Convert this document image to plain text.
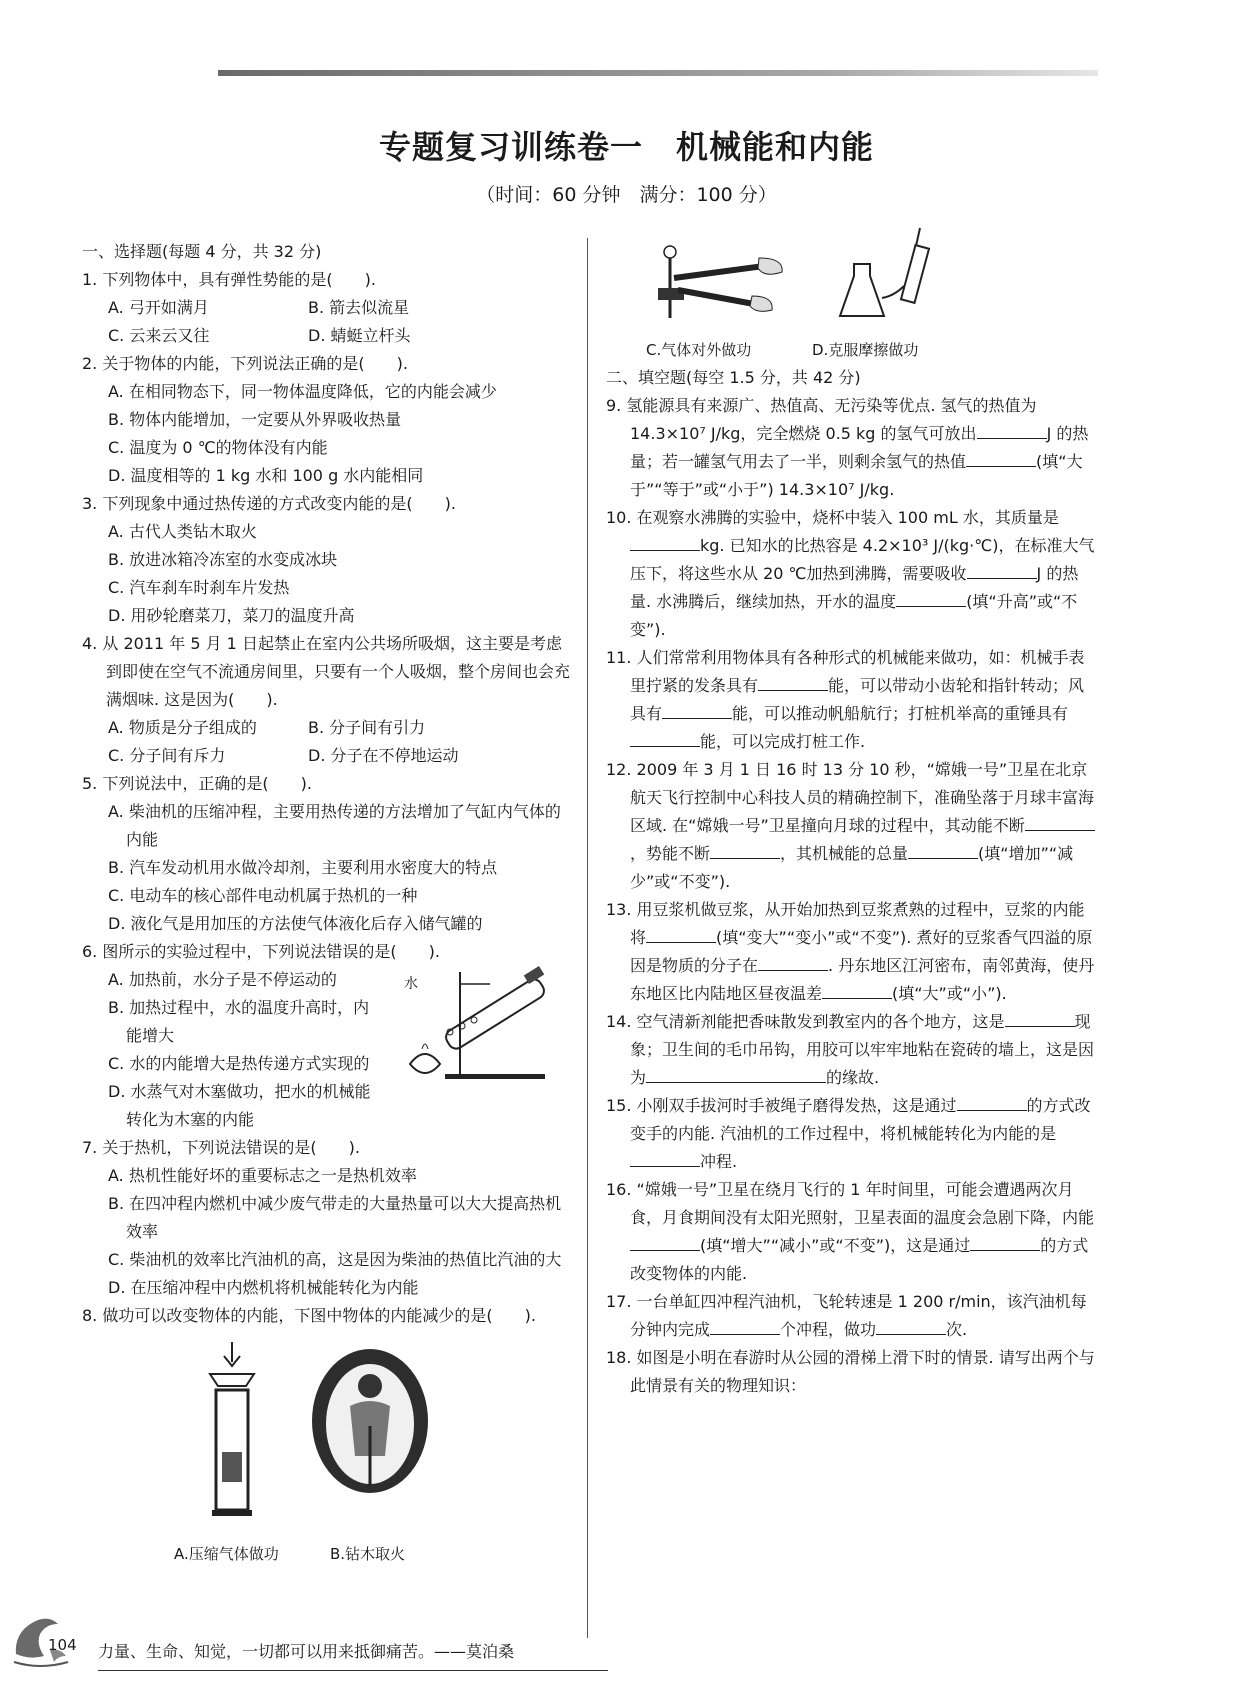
专题复习训练卷一　机械能和内能
（时间：60 分钟　满分：100 分）
一、选择题(每题 4 分，共 32 分)
1. 下列物体中，具有弹性势能的是(　　).
A. 弓开如满月	B. 箭去似流星
C. 云来云又往	D. 蜻蜓立杆头
2. 关于物体的内能，下列说法正确的是(　　).
A. 在相同物态下，同一物体温度降低，它的内能会减少
B. 物体内能增加，一定要从外界吸收热量
C. 温度为 0 ℃的物体没有内能
D. 温度相等的 1 kg 水和 100 g 水内能相同
3. 下列现象中通过热传递的方式改变内能的是(　　).
A. 古代人类钻木取火
B. 放进冰箱冷冻室的水变成冰块
C. 汽车刹车时刹车片发热
D. 用砂轮磨菜刀，菜刀的温度升高
4. 从 2011 年 5 月 1 日起禁止在室内公共场所吸烟，这主要是考虑到即使在空气不流通房间里，只要有一个人吸烟，整个房间也会充满烟味. 这是因为(　　).
A. 物质是分子组成的	B. 分子间有引力
C. 分子间有斥力	D. 分子在不停地运动
5. 下列说法中，正确的是(　　).
A. 柴油机的压缩冲程，主要用热传递的方法增加了气缸内气体的内能
B. 汽车发动机用水做冷却剂，主要利用水密度大的特点
C. 电动车的核心部件电动机属于热机的一种
D. 液化气是用加压的方法使气体液化后存入储气罐的
6. 图所示的实验过程中，下列说法错误的是(　　).
A. 加热前，水分子是不停运动的
B. 加热过程中，水的温度升高时，内能增大
C. 水的内能增大是热传递方式实现的
D. 水蒸气对木塞做功，把水的机械能转化为木塞的内能
水
7. 关于热机，下列说法错误的是(　　).
A. 热机性能好坏的重要标志之一是热机效率
B. 在四冲程内燃机中减少废气带走的大量热量可以大大提高热机效率
C. 柴油机的效率比汽油机的高，这是因为柴油的热值比汽油的大
D. 在压缩冲程中内燃机将机械能转化为内能
8. 做功可以改变物体的内能，下图中物体的内能减少的是(　　).
A.压缩气体做功	B.钻木取火
C.气体对外做功	D.克服摩擦做功
二、填空题(每空 1.5 分，共 42 分)
9. 氢能源具有来源广、热值高、无污染等优点. 氢气的热值为 14.3×10⁷ J/kg，完全燃烧 0.5 kg 的氢气可放出	J 的热量；若一罐氢气用去了一半，则剩余氢气的热值	(填“大于”“等于”或“小于”) 14.3×10⁷ J/kg.
10. 在观察水沸腾的实验中，烧杯中装入 100 mL 水，其质量是kg. 已知水的比热容是 4.2×10³ J/(kg·℃)，在标准大气压下，将这些水从 20 ℃加热到沸腾，需要吸收	J 的热量. 水沸腾后，继续加热，开水的温度	(填“升高”或“不变”).
11. 人们常常利用物体具有各种形式的机械能来做功，如：机械手表里拧紧的发条具有	能，可以带动小齿轮和指针转动；风具有	能，可以推动帆船航行；打桩机举高的重锤具有能，可以完成打桩工作.
12. 2009 年 3 月 1 日 16 时 13 分 10 秒，“嫦娥一号”卫星在北京航天飞行控制中心科技人员的精确控制下，准确坠落于月球丰富海区域. 在“嫦娥一号”卫星撞向月球的过程中，其动能不断，势能不断	，其机械能的总量	(填“增加”“减少”或“不变”).
13. 用豆浆机做豆浆，从开始加热到豆浆煮熟的过程中，豆浆的内能将	(填“变大”“变小”或“不变”). 煮好的豆浆香气四溢的原因是物质的分子在	. 丹东地区江河密布，南邻黄海，使丹东地区比内陆地区昼夜温差	(填“大”或“小”).
14. 空气清新剂能把香味散发到教室内的各个地方，这是	现象；卫生间的毛巾吊钩，用胶可以牢牢地粘在瓷砖的墙上，这是因为	的缘故.
15. 小刚双手拔河时手被绳子磨得发热，这是通过	的方式改变手的内能. 汽油机的工作过程中，将机械能转化为内能的是冲程.
16. “嫦娥一号”卫星在绕月飞行的 1 年时间里，可能会遭遇两次月食，月食期间没有太阳光照射，卫星表面的温度会急剧下降，内能(填“增大”“减小”或“不变”)，这是通过	的方式改变物体的内能.
17. 一台单缸四冲程汽油机，飞轮转速是 1 200 r/min，该汽油机每分钟内完成	个冲程，做功	次.
18. 如图是小明在春游时从公园的滑梯上滑下时的情景. 请写出两个与此情景有关的物理知识：
104 力量、生命、知觉，一切都可以用来抵御痛苦。——莫泊桑
